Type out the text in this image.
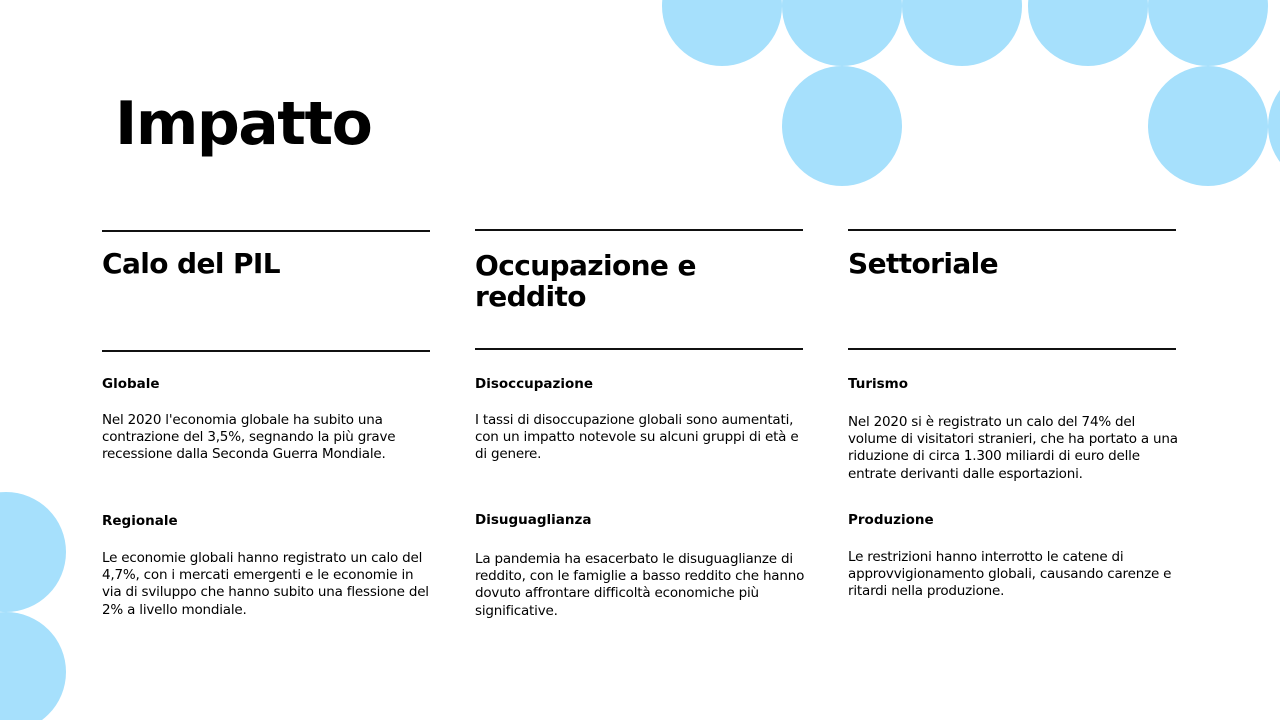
Impatto
Calo del PIL
Globale

Nel 2020 l'economia globale ha subito una contrazione del 3,5%, segnando la più grave recessione dalla Seconda Guerra Mondiale.

Regionale

Le economie globali hanno registrato un calo del 4,7%, con i mercati emergenti e le economie in via di sviluppo che hanno subito una flessione del 2% a livello mondiale.

Occupazione e reddito
Disoccupazione

I tassi di disoccupazione globali sono aumentati, con un impatto notevole su alcuni gruppi di età e di genere.

Disuguaglianza

La pandemia ha esacerbato le disuguaglianze di reddito, con le famiglie a basso reddito che hanno dovuto affrontare difficoltà economiche più significative.

Settoriale
Turismo

Nel 2020 si è registrato un calo del 74% del volume di visitatori stranieri, che ha portato a una riduzione di circa 1.300 miliardi di euro delle entrate derivanti dalle esportazioni.

Produzione

Le restrizioni hanno interrotto le catene di approvvigionamento globali, causando carenze e ritardi nella produzione.
